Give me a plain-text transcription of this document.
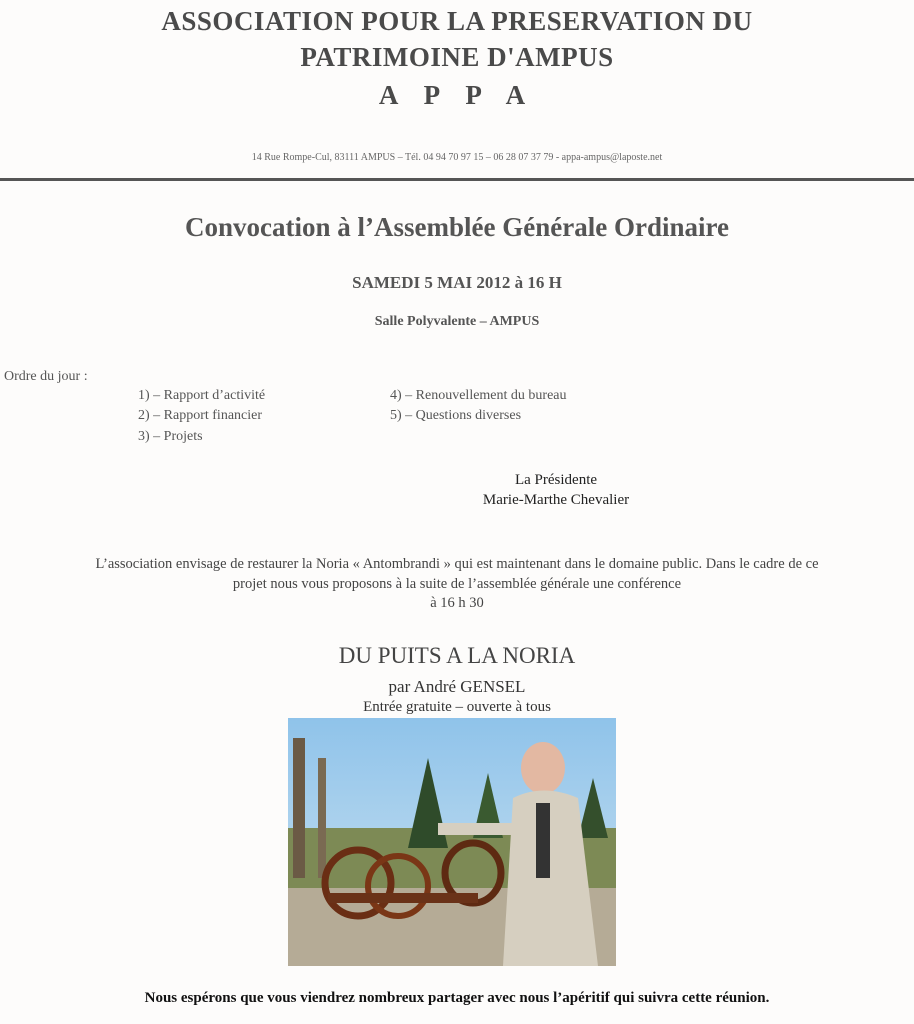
ASSOCIATION POUR LA PRESERVATION DU
PATRIMOINE D'AMPUS
A P P A
14 Rue Rompe-Cul, 83111 AMPUS – Tél. 04 94 70 97 15 – 06 28 07 37 79 - appa-ampus@laposte.net
Convocation à l’Assemblée Générale Ordinaire
SAMEDI 5 MAI 2012 à 16 H
Salle Polyvalente – AMPUS
Ordre du jour :
1) – Rapport d’activité
2) – Rapport financier
3) – Projets
4) – Renouvellement du bureau
5) – Questions diverses
La Présidente
Marie-Marthe Chevalier
L’association envisage de restaurer la Noria « Antombrandi » qui est maintenant dans le domaine public. Dans le cadre de ce
projet nous vous proposons à la suite de l’assemblée générale une conférence
à 16 h 30
DU PUITS A LA NORIA
par André GENSEL
Entrée gratuite – ouverte à tous
Nous espérons que vous viendrez nombreux partager avec nous l’apéritif qui suivra cette réunion.
